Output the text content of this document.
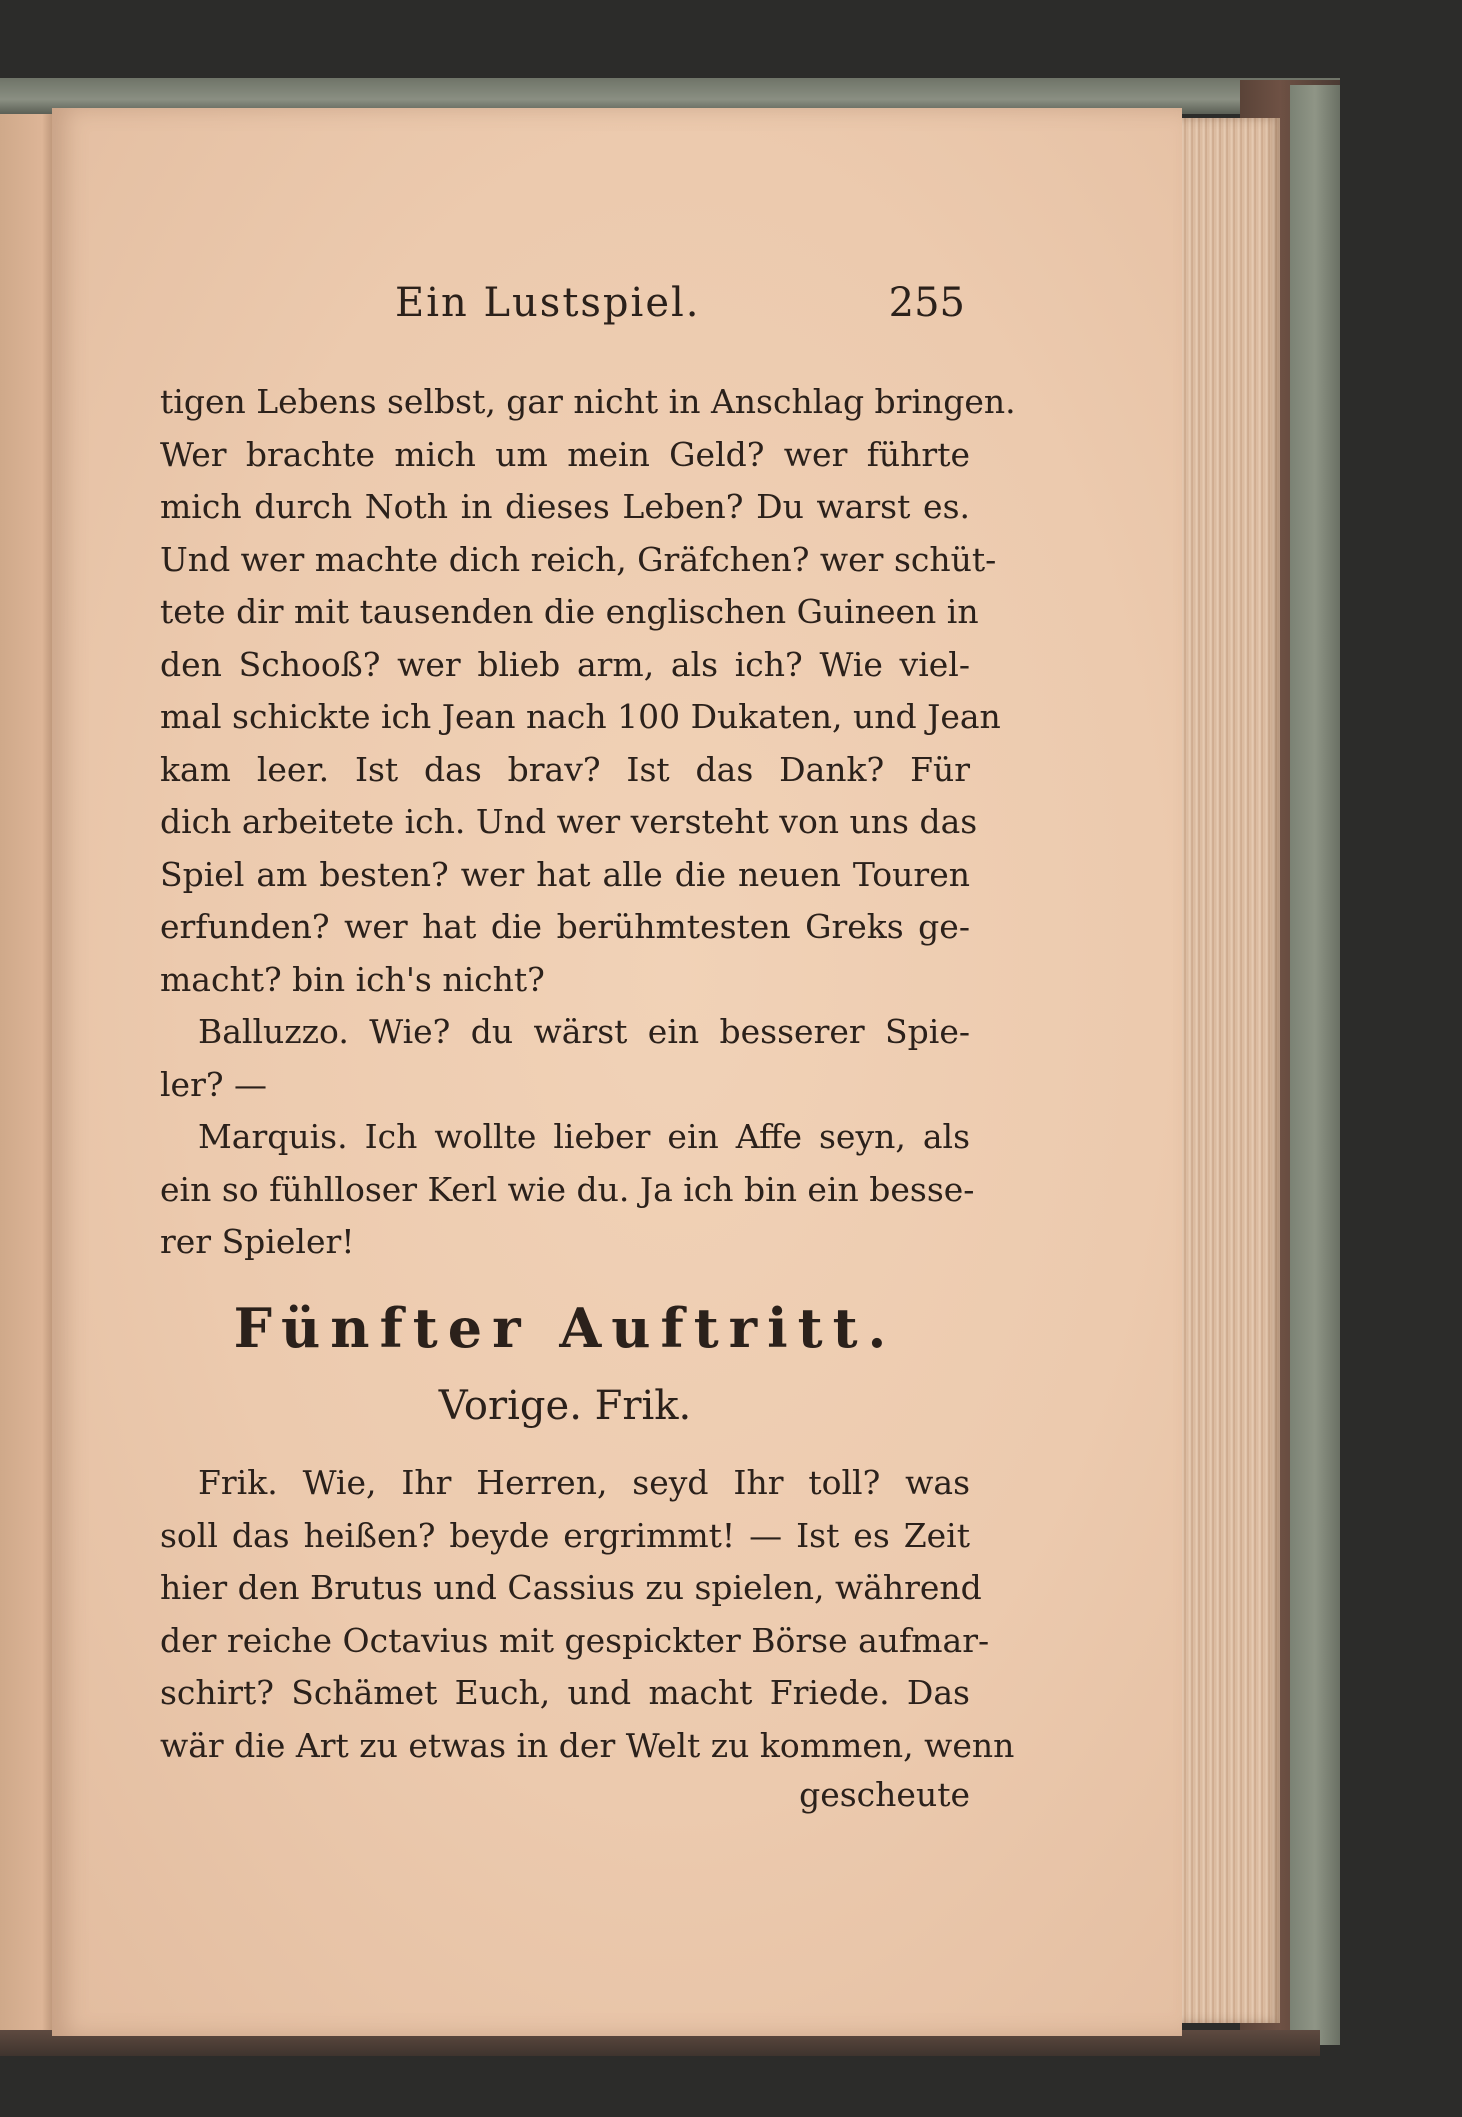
Ein Lustspiel.	255
tigen Lebens selbst, gar nicht in Anschlag bringen.
Wer brachte mich um mein Geld? wer führte
mich durch Noth in dieses Leben? Du warst es.
Und wer machte dich reich, Gräfchen? wer schüt-
tete dir mit tausenden die englischen Guineen in
den Schooß? wer blieb arm, als ich? Wie viel-
mal schickte ich Jean nach 100 Dukaten, und Jean
kam leer. Ist das brav? Ist das Dank? Für
dich arbeitete ich. Und wer versteht von uns das
Spiel am besten? wer hat alle die neuen Touren
erfunden? wer hat die berühmtesten Greks ge-
macht? bin ich's nicht?
Balluzzo. Wie? du wärst ein besserer Spie-
ler? —
Marquis. Ich wollte lieber ein Affe seyn, als
ein so fühlloser Kerl wie du. Ja ich bin ein besse-
rer Spieler!
Fünfter Auftritt.
Vorige. Frik.
Frik. Wie, Ihr Herren, seyd Ihr toll? was
soll das heißen? beyde ergrimmt! — Ist es Zeit
hier den Brutus und Cassius zu spielen, während
der reiche Octavius mit gespickter Börse aufmar-
schirt? Schämet Euch, und macht Friede. Das
wär die Art zu etwas in der Welt zu kommen, wenn
gescheute
